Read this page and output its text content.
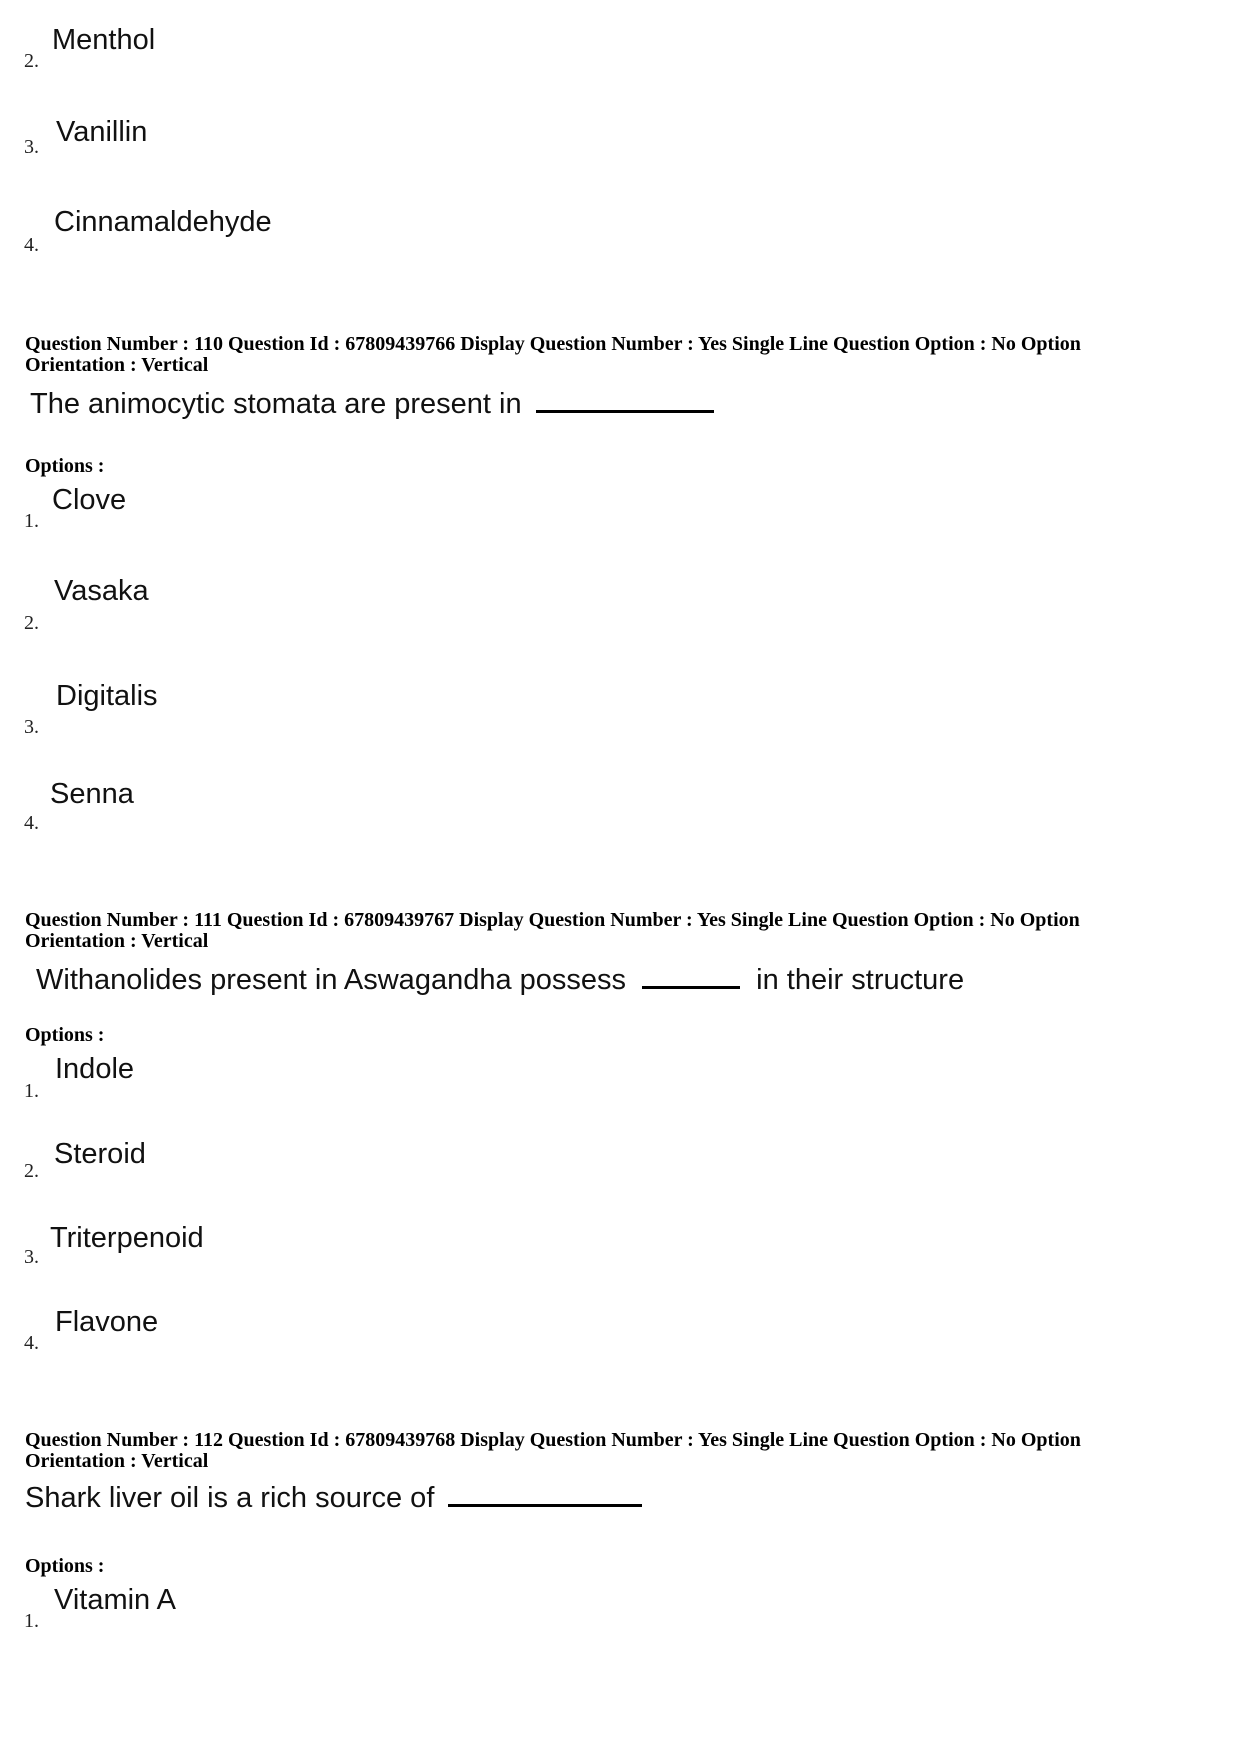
Menthol
2.
Vanillin
3.
Cinnamaldehyde
4.
Question Number : 110 Question Id : 67809439766 Display Question Number : Yes Single Line Question Option : No Option
Orientation : Vertical
The animocytic stomata are present in
Options :
Clove
1.
Vasaka
2.
Digitalis
3.
Senna
4.
Question Number : 111 Question Id : 67809439767 Display Question Number : Yes Single Line Question Option : No Option
Orientation : Vertical
Withanolides present in Aswagandha possess	in their structure
Options :
Indole
1.
Steroid
2.
Triterpenoid
3.
Flavone
4.
Question Number : 112 Question Id : 67809439768 Display Question Number : Yes Single Line Question Option : No Option
Orientation : Vertical
Shark liver oil is a rich source of
Options :
Vitamin A
1.
